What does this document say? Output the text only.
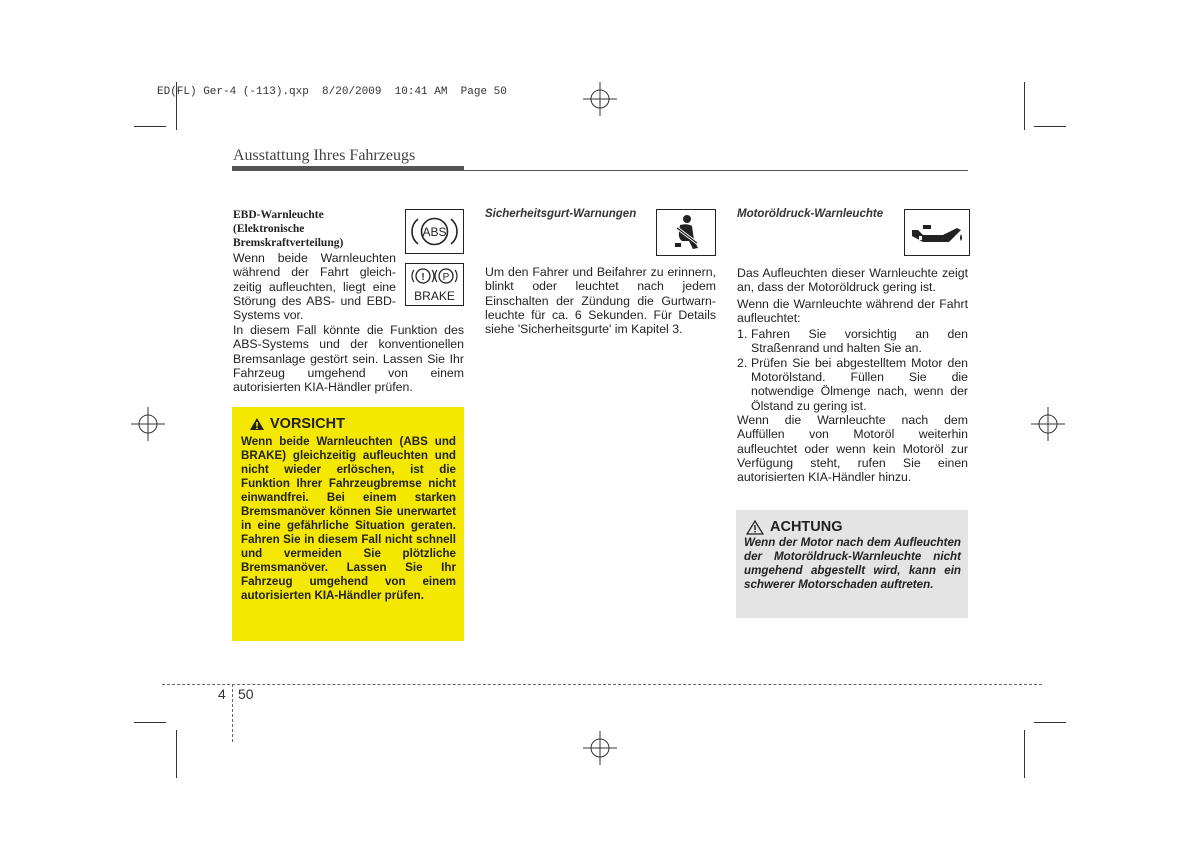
ED(FL) Ger-4 (-113).qxp  8/20/2009  10:41 AM  Page 50
Ausstattung Ihres Fahrzeugs
EBD-Warnleuchte
(Elektronische
Bremskraftverteilung)
ABS
! P
BRAKE
Wenn beide Warnleuchten
während der Fahrt gleich-
zeitig aufleuchten, liegt eine
Störung des ABS- und EBD-
Systems vor.
In diesem Fall könnte die Funktion des ABS-Systems und der konventionellen Bremsanlage gestört sein. Lassen Sie Ihr Fahrzeug umgehend von einem autorisierten KIA-Händler prüfen.
VORSICHT
Wenn beide Warnleuchten (ABS und BRAKE) gleichzeitig aufleuchten und nicht wieder erlöschen, ist die Funktion Ihrer Fahrzeugbremse nicht einwandfrei. Bei einem starken Bremsmanöver können Sie unerwartet in eine gefährliche Situation geraten. Fahren Sie in diesem Fall nicht schnell und vermeiden Sie plötzliche Bremsmanöver. Lassen Sie Ihr Fahrzeug umgehend von einem autorisierten KIA-Händler prüfen.
Sicherheitsgurt-Warnungen
Um den Fahrer und Beifahrer zu erinnern, blinkt oder leuchtet nach jedem Einschalten der Zündung die Gurtwarn-leuchte für ca. 6 Sekunden. Für Details siehe 'Sicherheitsgurte' im Kapitel 3.
Motoröldruck-Warnleuchte
Das Aufleuchten dieser Warnleuchte zeigt an, dass der Motoröldruck gering ist.
Wenn die Warnleuchte während der Fahrt aufleuchtet:
1. Fahren Sie vorsichtig an den Straßenrand und halten Sie an.
2. Prüfen Sie bei abgestelltem Motor den Motorölstand. Füllen Sie die notwendige Ölmenge nach, wenn der Ölstand zu gering ist.
Wenn die Warnleuchte nach dem Auffüllen von Motoröl weiterhin aufleuchtet oder wenn kein Motoröl zur Verfügung steht, rufen Sie einen autorisierten KIA-Händler hinzu.
ACHTUNG
Wenn der Motor nach dem Aufleuchten der Motoröldruck-Warnleuchte nicht umgehend abgestellt wird, kann ein schwerer Motorschaden auftreten.
4 50
